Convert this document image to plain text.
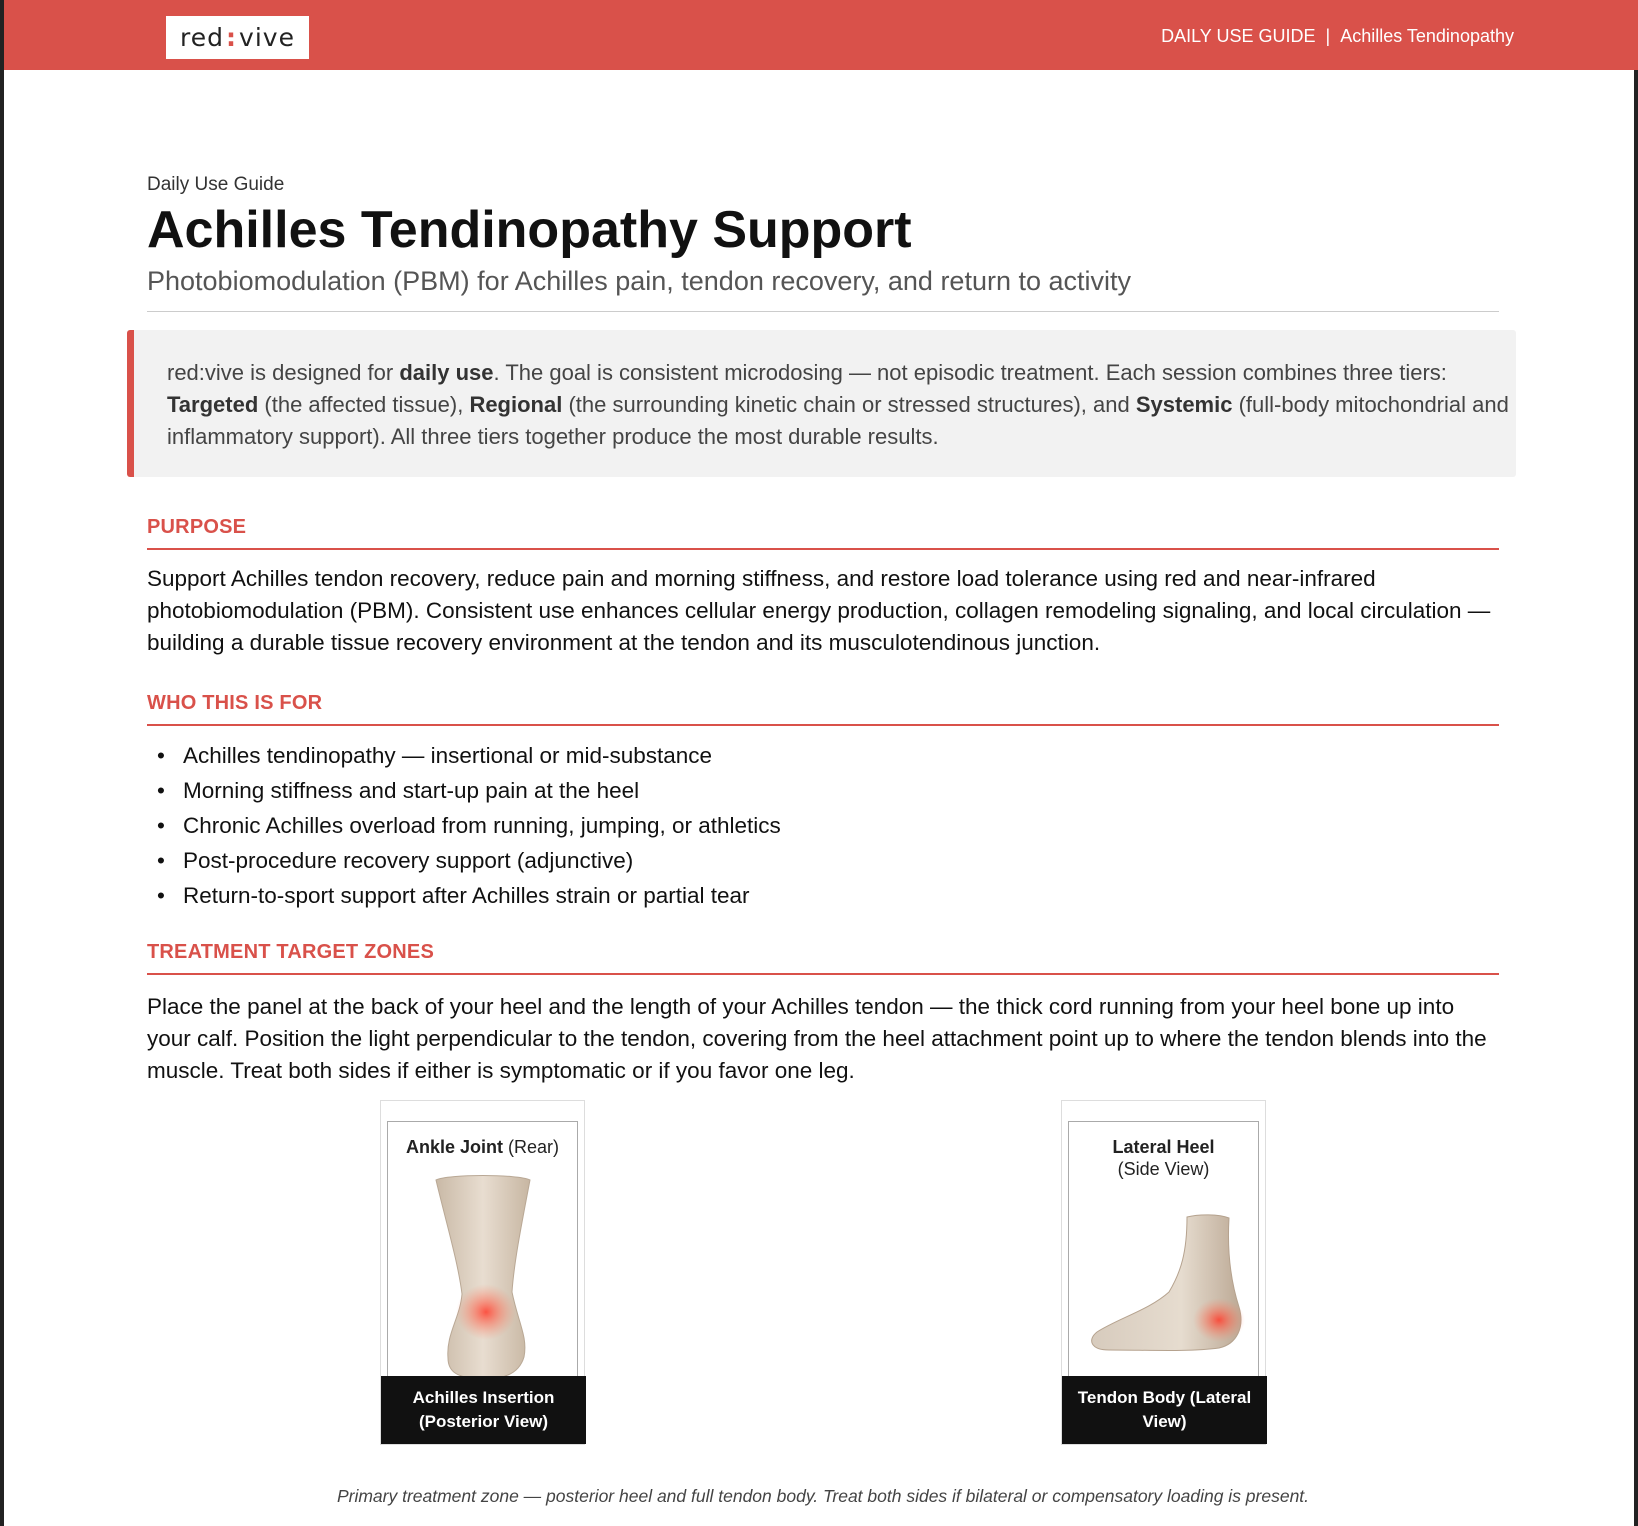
red : vive	DAILY USE GUIDE | Achilles Tendinopathy
Daily Use Guide
Achilles Tendinopathy Support
Photobiomodulation (PBM) for Achilles pain, tendon recovery, and return to activity
red:vive is designed for daily use. The goal is consistent microdosing — not episodic treatment. Each session combines three tiers: Targeted (the affected tissue), Regional (the surrounding kinetic chain or stressed structures), and Systemic (full-body mitochondrial and inflammatory support). All three tiers together produce the most durable results.
PURPOSE
Support Achilles tendon recovery, reduce pain and morning stiffness, and restore load tolerance using red and near-infrared photobiomodulation (PBM). Consistent use enhances cellular energy production, collagen remodeling signaling, and local circulation — building a durable tissue recovery environment at the tendon and its musculotendinous junction.
WHO THIS IS FOR
• Achilles tendinopathy — insertional or mid-substance
• Morning stiffness and start-up pain at the heel
• Chronic Achilles overload from running, jumping, or athletics
• Post-procedure recovery support (adjunctive)
• Return-to-sport support after Achilles strain or partial tear
TREATMENT TARGET ZONES
Place the panel at the back of your heel and the length of your Achilles tendon — the thick cord running from your heel bone up into your calf. Position the light perpendicular to the tendon, covering from the heel attachment point up to where the tendon blends into the muscle. Treat both sides if either is symptomatic or if you favor one leg.
Ankle Joint (Rear)
Achilles Insertion (Posterior View)
Lateral Heel
(Side View)
Tendon Body (Lateral View)
Primary treatment zone — posterior heel and full tendon body. Treat both sides if bilateral or compensatory loading is present.
